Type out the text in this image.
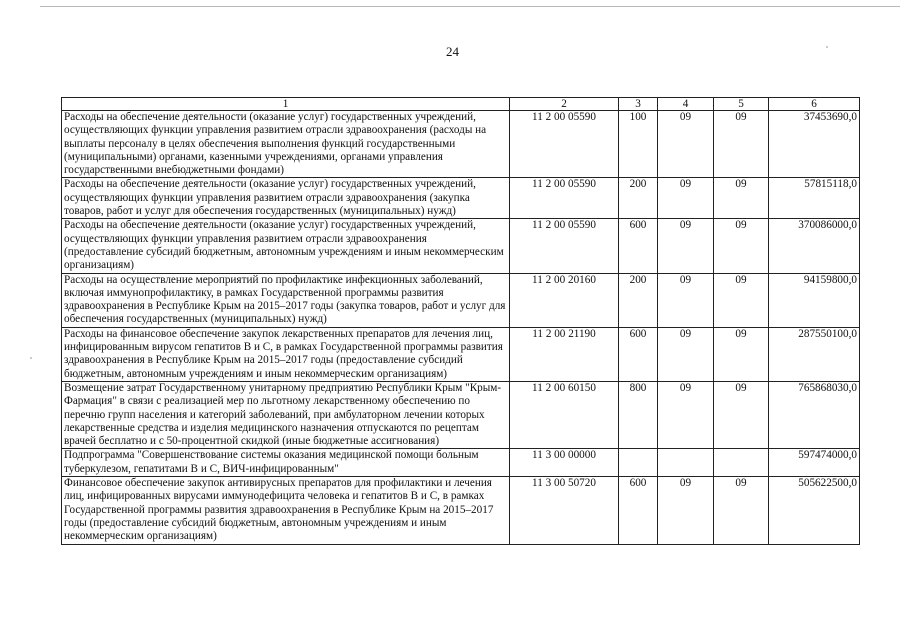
24
1	2	3	4	5	6
Расходы на обеспечение деятельности (оказание услуг) государственных учреждений, осуществляющих функции управления развитием отрасли здравоохранения (расходы на выплаты персоналу в целях обеспечения выполнения функций государственными (муниципальными) органами, казенными учреждениями, органами управления государственными внебюджетными фондами)	11 2 00 05590	100	09	09	37453690,0
Расходы на обеспечение деятельности (оказание услуг) государственных учреждений, осуществляющих функции управления развитием отрасли здравоохранения (закупка товаров, работ и услуг для обеспечения государственных (муниципальных) нужд)	11 2 00 05590	200	09	09	57815118,0
Расходы на обеспечение деятельности (оказание услуг) государственных учреждений, осуществляющих функции управления развитием отрасли здравоохранения (предоставление субсидий бюджетным, автономным учреждениям и иным некоммерческим организациям)	11 2 00 05590	600	09	09	370086000,0
Расходы на осуществление мероприятий по профилактике инфекционных заболеваний, включая иммунопрофилактику, в рамках Государственной программы развития здравоохранения в Республике Крым на 2015–2017 годы (закупка товаров, работ и услуг для обеспечения государственных (муниципальных) нужд)	11 2 00 20160	200	09	09	94159800,0
Расходы на финансовое обеспечение закупок лекарственных препаратов для лечения лиц, инфицированным вирусом гепатитов В и С, в рамках Государственной программы развития здравоохранения в Республике Крым на 2015–2017 годы (предоставление субсидий бюджетным, автономным учреждениям и иным некоммерческим организациям)	11 2 00 21190	600	09	09	287550100,0
Возмещение затрат Государственному унитарному предприятию Республики Крым "Крым-Фармация" в связи с реализацией мер по льготному лекарственному обеспечению по перечню групп населения и категорий заболеваний, при амбулаторном лечении которых лекарственные средства и изделия медицинского назначения отпускаются по рецептам врачей бесплатно и с 50-процентной скидкой (иные бюджетные ассигнования)	11 2 00 60150	800	09	09	765868030,0
Подпрограмма "Совершенствование системы оказания медицинской помощи больным туберкулезом, гепатитами В и С, ВИЧ-инфицированным"	11 3 00 00000				597474000,0
Финансовое обеспечение закупок антивирусных препаратов для профилактики и лечения лиц, инфицированных вирусами иммунодефицита человека и гепатитов В и С, в рамках Государственной программы развития здравоохранения в Республике Крым на 2015–2017 годы (предоставление субсидий бюджетным, автономным учреждениям и иным некоммерческим организациям)	11 3 00 50720	600	09	09	505622500,0
